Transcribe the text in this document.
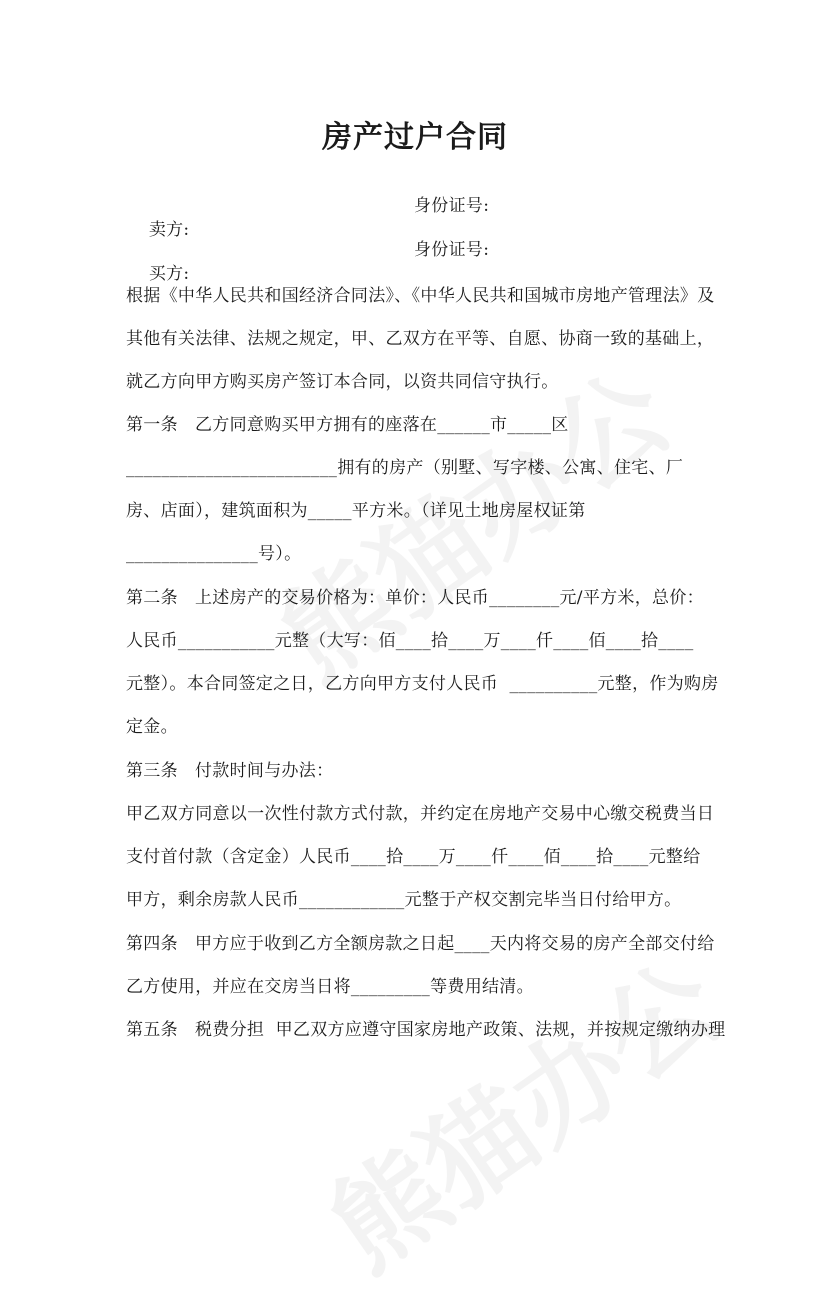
房产过户合同

卖方:

身份证号:

买方:

身份证号:
根据《中华人民共和国经济合同法》、《中华人民共和国城市房地产管理法》及
其他有关法律、法规之规定，甲、乙双方在平等、自愿、协商一致的基础上，
就乙方向甲方购买房产签订本合同，以资共同信守执行。
第一条   乙方同意购买甲方拥有的座落在______市_____区
________________________拥有的房产（别墅、写字楼、公寓、住宅、厂
房、店面），建筑面积为_____平方米。（详见土地房屋权证第
_______________号）。
第二条   上述房产的交易价格为：单价：人民币________元/平方米，总价：
人民币___________元整（大写：佰____拾____万____仟____佰____拾____
元整）。本合同签定之日，乙方向甲方支付人民币  __________元整，作为购房
定金。
第三条   付款时间与办法：
甲乙双方同意以一次性付款方式付款，并约定在房地产交易中心缴交税费当日
支付首付款（含定金）人民币____拾____万____仟____佰____拾____元整给
甲方，剩余房款人民币____________元整于产权交割完毕当日付给甲方。
第四条   甲方应于收到乙方全额房款之日起____天内将交易的房产全部交付给
乙方使用，并应在交房当日将_________等费用结清。
第五条   税费分担  甲乙双方应遵守国家房地产政策、法规，并按规定缴纳办理
